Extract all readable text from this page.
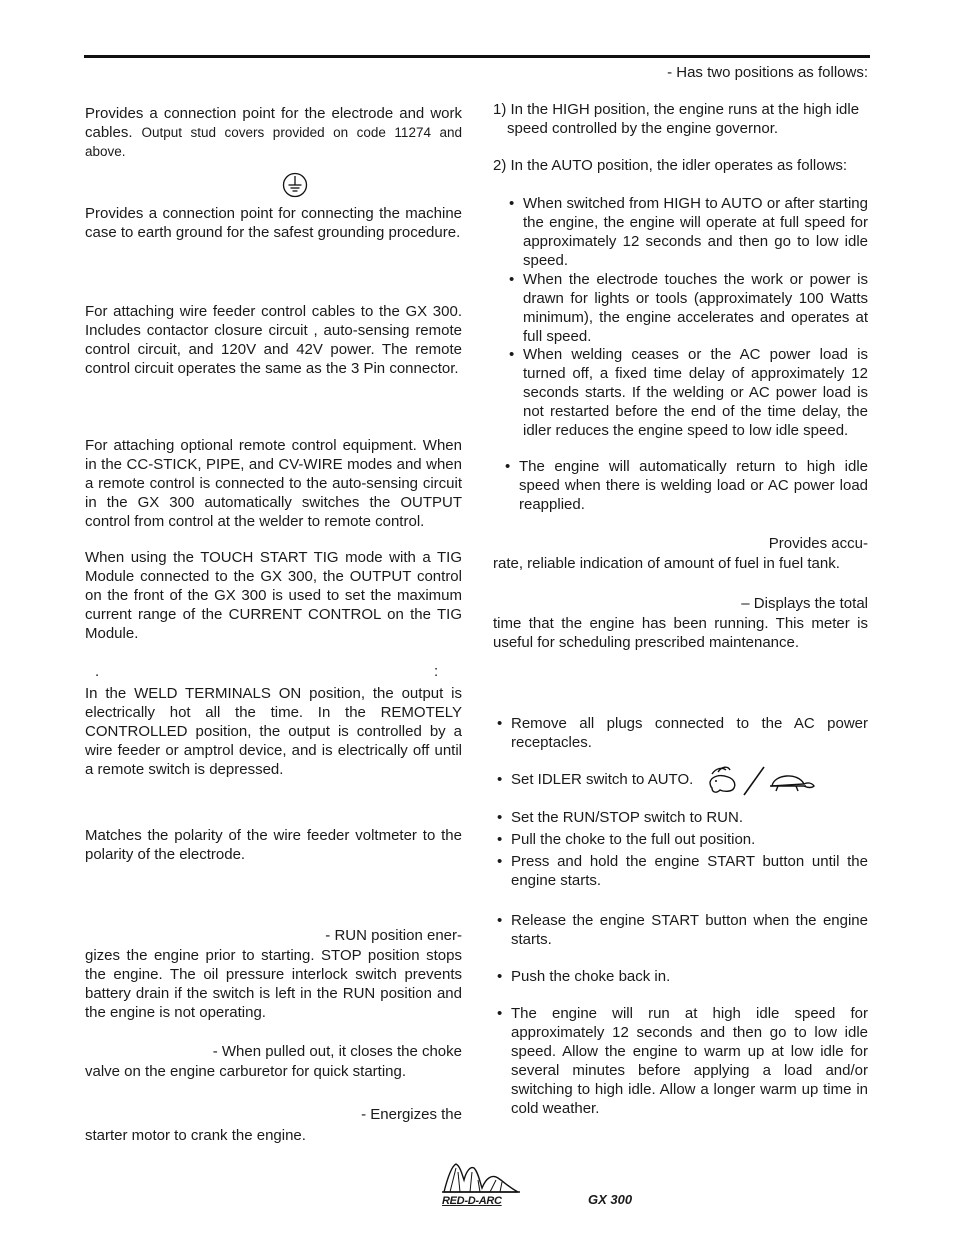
- Has two positions as follows:

Provides a connection point for the electrode and work cables. Output stud covers provided on code 11274 and above.

Provides a connection point for connecting the machine case to earth ground for the safest grounding procedure.

For attaching wire feeder control cables to the GX 300. Includes contactor closure circuit , auto-sensing remote control circuit, and 120V and 42V power. The remote control circuit operates the same as the 3 Pin connector.

For attaching optional remote control equipment. When in the CC-STICK, PIPE, and CV-WIRE modes and when a remote control is connected to the auto-sensing circuit in the GX 300 automatically switches the OUTPUT control from control at the welder to remote control.

When using the TOUCH START TIG mode with a TIG Module connected to the GX 300, the OUTPUT control on the front of the GX 300 is used to set the maximum current range of the CURRENT CONTROL on the TIG Module.

.	:

In the WELD TERMINALS ON position, the output is electrically hot all the time. In the REMOTELY CONTROLLED position, the output is controlled by a wire feeder or amptrol device, and is electrically off until a remote switch is depressed.

Matches the polarity of the wire feeder voltmeter to the polarity of the electrode.

- RUN position ener-

gizes the engine prior to starting. STOP position stops the engine. The oil pressure interlock switch prevents battery drain if the switch is left in the RUN position and the engine is not operating.

- When pulled out, it closes the choke

valve on the engine carburetor for quick starting.

- Energizes the

starter motor to crank the engine.

1) In the HIGH position, the engine runs at the high idle speed controlled by the engine governor.

2) In the AUTO position, the idler operates as follows:

• When switched from HIGH to AUTO or after starting the engine, the engine will operate at full speed for approximately 12 seconds and then go to low idle speed.
• When the electrode touches the work or power is drawn for lights or tools (approximately 100 Watts minimum), the engine accelerates and operates at full speed.
• When welding ceases or the AC power load is turned off, a fixed time delay of approximately 12 seconds starts. If the welding or AC power load is not restarted before the end of the time delay, the idler reduces the engine speed to low idle speed.
• The engine will automatically return to high idle speed when there is welding load or AC power load reapplied.

Provides accu-

rate, reliable indication of amount of fuel in fuel tank.

– Displays the total

time that the engine has been running. This meter is useful for scheduling prescribed maintenance.

• Remove all plugs connected to the AC power receptacles.
• Set IDLER switch to AUTO.
• Set the RUN/STOP switch to RUN.
• Pull the choke to the full out position.
• Press and hold the engine START button until the engine starts.
• Release the engine START button when the engine starts.
• Push the choke back in.
• The engine will run at high idle speed for approximately 12 seconds and then go to low idle speed. Allow the engine to warm up at low idle for several minutes before applying a load and/or switching to high idle. Allow a longer warm up time in cold weather.
RED-D-ARC	GX 300
